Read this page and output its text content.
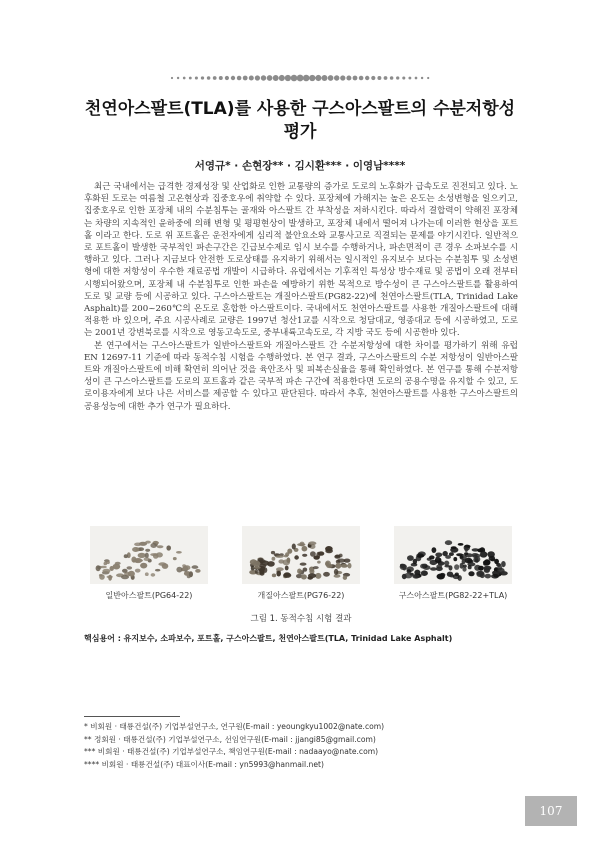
천연아스팔트(TLA)를 사용한 구스아스팔트의 수분저항성
평가
서영규* · 손현장** · 김시환*** · 이영남****

최근 국내에서는 급격한 경제성장 및 산업화로 인한 교통량의 증가로 도로의 노후화가 급속도로 진전되고 있다. 노후화된 도로는 여름철 고온현상과 집중호우에 취약할 수 있다. 포장체에 가해지는 높은 온도는 소성변형을 일으키고, 집중호우로 인한 포장체 내의 수분침투는 골재와 아스팔트 간 부착성을 저하시킨다. 따라서 결합력이 약해진 포장체는 차량의 지속적인 윤하중에 의해 변형 및 평평현상이 발생하고, 포장체 내에서 떨어져 나가는데 이러한 현상을 포트홀 이라고 한다. 도로 위 포트홀은 운전자에게 심리적 불안요소와 교통사고로 직결되는 문제를 야기시킨다. 일반적으로 포트홀이 발생한 국부적인 파손구간은 긴급보수제로 임시 보수를 수행하거나, 파손면적이 큰 경우 소파보수를 시행하고 있다. 그러나 지금보다 안전한 도로상태를 유지하기 위해서는 일시적인 유지보수 보다는 수분침투 및 소성변형에 대한 저항성이 우수한 재료공법 개발이 시급하다. 유럽에서는 기후적인 특성상 방수재료 및 공법이 오래 전부터 시행되어왔으며, 포장체 내 수분침투로 인한 파손을 예방하기 위한 목적으로 방수성이 큰 구스아스팔트를 활용하여 도로 및 교량 등에 시공하고 있다. 구스아스팔트는 개질아스팔트(PG82-22)에 천연아스팔트(TLA, Trinidad Lake Asphalt)를 200~260℃의 온도로 혼합한 아스팔트이다. 국내에서도 천연아스팔트를 사용한 개질아스팔트에 대해 적용한 바 있으며, 주요 시공사례로 교량은 1997년 청산1교를 시작으로 청담대교, 영종대교 등에 시공하였고, 도로는 2001년 강변북로를 시작으로 영동고속도로, 중부내륙고속도로, 각 지방 국도 등에 시공한바 있다.

본 연구에서는 구스아스팔트가 일반아스팔트와 개질아스팔트 간 수분저항성에 대한 차이를 평가하기 위해 유럽 EN 12697-11 기준에 따라 동적수침 시험을 수행하였다. 본 연구 결과, 구스아스팔트의 수분 저항성이 일반아스팔트와 개질아스팔트에 비해 확연히 의어난 것을 육안조사 및 피복손실율을 통해 확인하였다. 본 연구를 통해 수분저항성이 큰 구스아스팔트를 도로의 포트홀과 같은 국부적 파손 구간에 적용한다면 도로의 공용수명을 유지할 수 있고, 도로이용자에게 보다 나은 서비스를 제공할 수 있다고 판단된다. 따라서 추후, 천연아스팔트를 사용한 구스아스팔트의 공용성능에 대한 추가 연구가 필요하다.

일반아스팔트(PG64-22)	개질아스팔트(PG76-22)	구스아스팔트(PG82-22+TLA)
그림 1. 동적수침 시험 결과
핵심용어 : 유지보수, 소파보수, 포트홀, 구스아스팔트, 천연아스팔트(TLA, Trinidad Lake Asphalt)
* 비회원 · 태룡건설(주) 기업부설연구소, 연구원(E-mail : yeoungkyu1002@nate.com)
** 정회원 · 태룡건설(주) 기업부설연구소, 선임연구원(E-mail : jjangi85@gmail.com)
*** 비회원 · 태룡건설(주) 기업부설연구소, 책임연구원(E-mail : nadaayo@nate.com)
**** 비회원 · 태룡건설(주) 대표이사(E-mail : yn5993@hanmail.net)
107
